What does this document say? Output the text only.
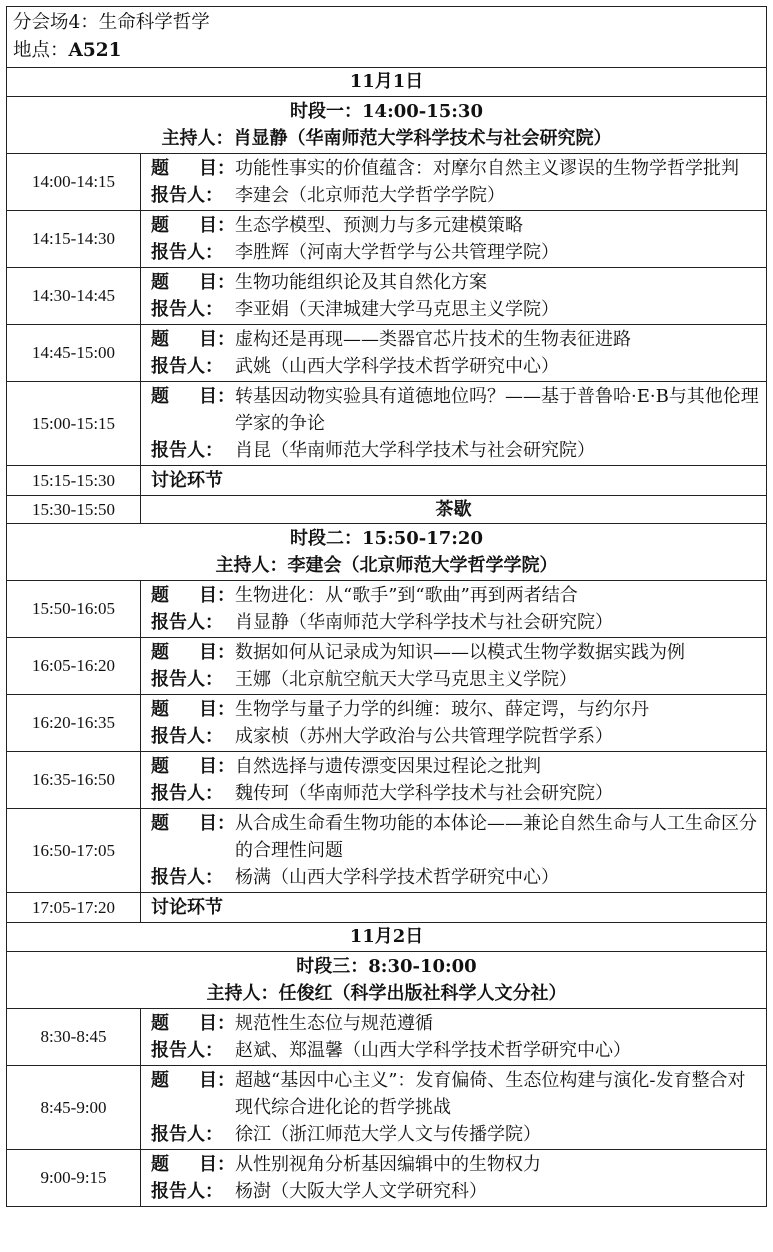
分会场4：生命科学哲学
地点：A521	

11月1日	

时段一：14:00-15:30
主持人：肖显静（华南师范大学科学技术与社会研究院）	

14:00-14:15	题 目： 功能性事实的价值蕴含：对摩尔自然主义谬误的生物学哲学批判
报告人： 李建会（北京师范大学哲学学院）

14:15-14:30	题 目： 生态学模型、预测力与多元建模策略
报告人： 李胜辉（河南大学哲学与公共管理学院）

14:30-14:45	题 目： 生物功能组织论及其自然化方案
报告人： 李亚娟（天津城建大学马克思主义学院）

14:45-15:00	题 目： 虚构还是再现——类器官芯片技术的生物表征进路
报告人： 武姚（山西大学科学技术哲学研究中心）

15:00-15:15	题 目： 转基因动物实验具有道德地位吗？——基于普鲁哈·E·B与其他伦理学家的争论
报告人： 肖昆（华南师范大学科学技术与社会研究院）

15:15-15:30	讨论环节
15:30-15:50	茶歇

时段二：15:50-17:20
主持人：李建会（北京师范大学哲学学院）	

15:50-16:05	题 目： 生物进化：从“歌手”到“歌曲”再到两者结合
报告人： 肖显静（华南师范大学科学技术与社会研究院）

16:05-16:20	题 目： 数据如何从记录成为知识——以模式生物学数据实践为例
报告人： 王娜（北京航空航天大学马克思主义学院）

16:20-16:35	题 目： 生物学与量子力学的纠缠：玻尔、薛定谔，与约尔丹
报告人： 成家桢（苏州大学政治与公共管理学院哲学系）

16:35-16:50	题 目： 自然选择与遗传漂变因果过程论之批判
报告人： 魏传珂（华南师范大学科学技术与社会研究院）

16:50-17:05	题 目： 从合成生命看生物功能的本体论——兼论自然生命与人工生命区分的合理性问题
报告人： 杨满（山西大学科学技术哲学研究中心）

17:05-17:20	讨论环节
11月2日	

时段三：8:30-10:00
主持人：任俊红（科学出版社科学人文分社）	

8:30-8:45	题 目： 规范性生态位与规范遵循
报告人： 赵斌、郑温馨（山西大学科学技术哲学研究中心）

8:45-9:00	题 目： 超越“基因中心主义”：发育偏倚、生态位构建与演化-发育整合对现代综合进化论的哲学挑战
报告人： 徐江（浙江师范大学人文与传播学院）

9:00-9:15	题 目： 从性别视角分析基因编辑中的生物权力
报告人： 杨澍（大阪大学人文学研究科）
